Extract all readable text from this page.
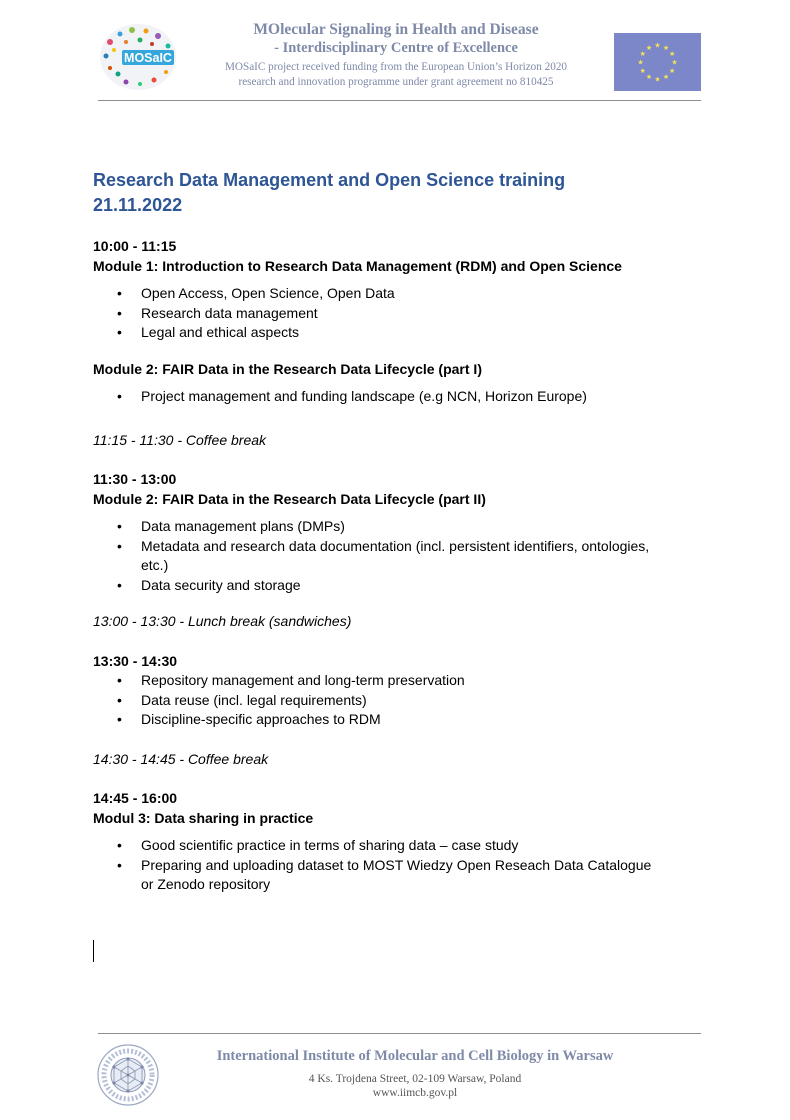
MOSaIC
MOlecular Signaling in Health and Disease
- Interdisciplinary Centre of Excellence
MOSaIC project received funding from the European Union’s Horizon 2020
research and innovation programme under grant agreement no 810425
★ ★
★
★
★
★
★
★
★
★
★
★
Research Data Management and Open Science training
21.11.2022

10:00 - 11:15

Module 1: Introduction to Research Data Management (RDM) and Open Science

• Open Access, Open Science, Open Data
• Research data management
• Legal and ethical aspects

Module 2: FAIR Data in the Research Data Lifecycle (part I)

• Project management and funding landscape (e.g NCN, Horizon Europe)

11:15 - 11:30 - Coffee break

11:30 - 13:00

Module 2: FAIR Data in the Research Data Lifecycle (part II)

• Data management plans (DMPs)
• Metadata and research data documentation (incl. persistent identifiers, ontologies, etc.)
• Data security and storage

13:00 - 13:30 - Lunch break (sandwiches)

13:30 - 14:30

• Repository management and long-term preservation
• Data reuse (incl. legal requirements)
• Discipline-specific approaches to RDM

14:30 - 14:45 - Coffee break

14:45 - 16:00

Modul 3: Data sharing in practice

• Good scientific practice in terms of sharing data – case study
• Preparing and uploading dataset to MOST Wiedzy Open Reseach Data Catalogue or Zenodo repository
International Institute of Molecular and Cell Biology in Warsaw
4 Ks. Trojdena Street, 02-109 Warsaw, Poland
www.iimcb.gov.pl
